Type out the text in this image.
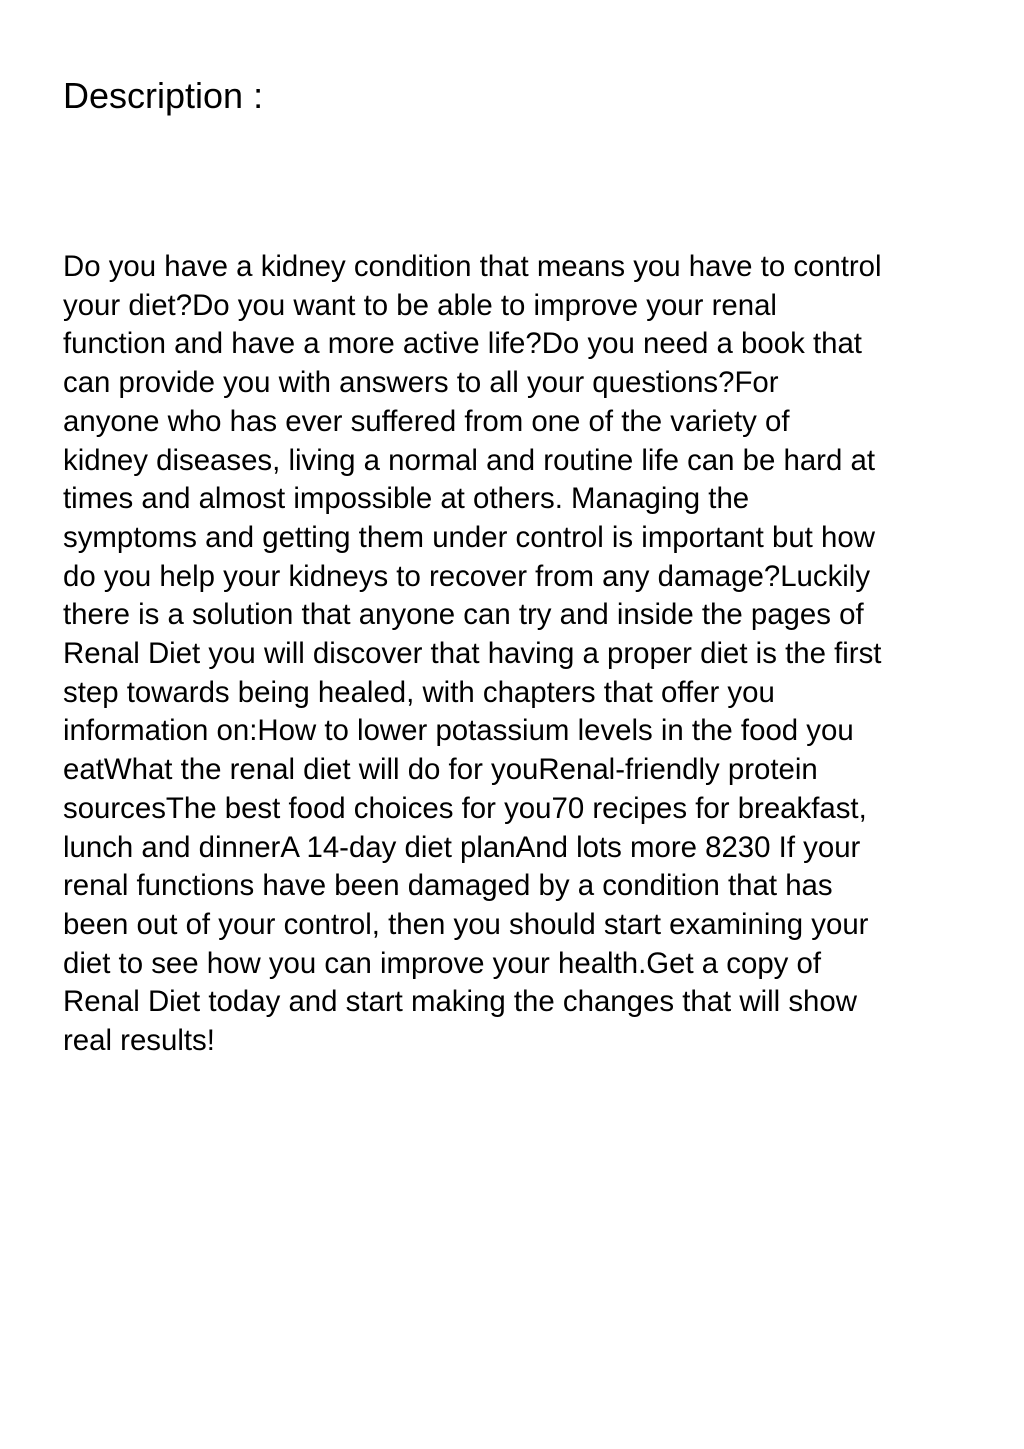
Description :
Do you have a kidney condition that means you have to control
your diet?Do you want to be able to improve your renal
function and have a more active life?Do you need a book that
can provide you with answers to all your questions?For
anyone who has ever suffered from one of the variety of
kidney diseases, living a normal and routine life can be hard at
times and almost impossible at others. Managing the
symptoms and getting them under control is important but how
do you help your kidneys to recover from any damage?Luckily
there is a solution that anyone can try and inside the pages of
Renal Diet you will discover that having a proper diet is the first
step towards being healed, with chapters that offer you
information on:How to lower potassium levels in the food you
eatWhat the renal diet will do for youRenal-friendly protein
sourcesThe best food choices for you70 recipes for breakfast,
lunch and dinnerA 14-day diet planAnd lots more 8230 If your
renal functions have been damaged by a condition that has
been out of your control, then you should start examining your
diet to see how you can improve your health.Get a copy of
Renal Diet today and start making the changes that will show
real results!
